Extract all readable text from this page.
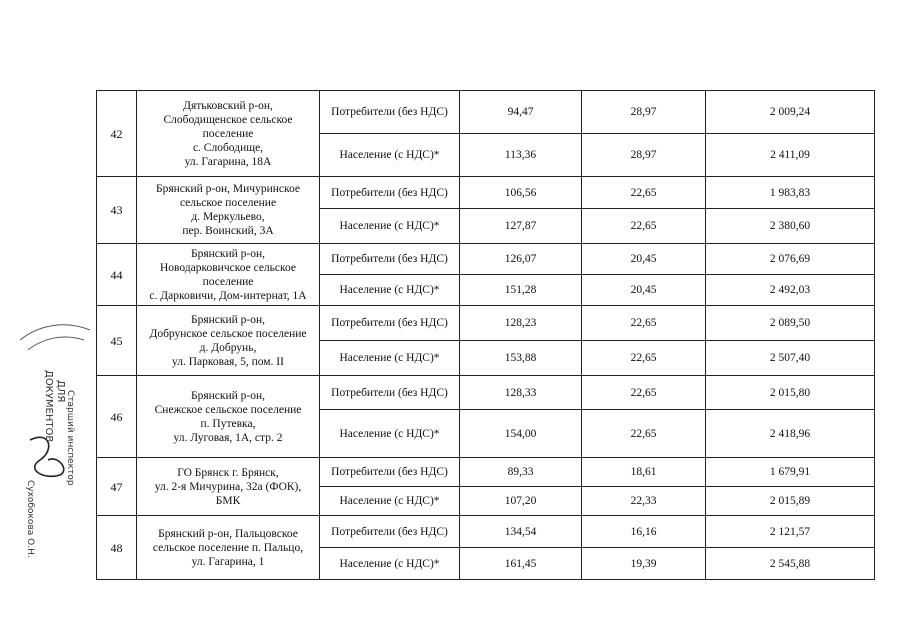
42	Дятьковский р-он,
Слободищенское сельское
поселение
с. Слободище,
ул. Гагарина, 18А	Потребители (без НДС)	94,47	28,97	2 009,24
		Население (с НДС)*	113,36	28,97	2 411,09
43	Брянский р-он, Мичуринское
сельское поселение
д. Меркульево,
пер. Воинский, 3А	Потребители (без НДС)	106,56	22,65	1 983,83
		Население (с НДС)*	127,87	22,65	2 380,60
44	Брянский р-он,
Новодарковичское сельское
поселение
с. Дарковичи, Дом-интернат, 1А	Потребители (без НДС)	126,07	20,45	2 076,69
		Население (с НДС)*	151,28	20,45	2 492,03
45	Брянский р-он,
Добрунское сельское поселение
д. Добрунь,
ул. Парковая, 5, пом. II	Потребители (без НДС)	128,23	22,65	2 089,50
		Население (с НДС)*	153,88	22,65	2 507,40
46	Брянский р-он,
Снежское сельское поселение
п. Путевка,
ул. Луговая, 1А, стр. 2	Потребители (без НДС)	128,33	22,65	2 015,80
		Население (с НДС)*	154,00	22,65	2 418,96
47	ГО Брянск г. Брянск,
ул. 2-я Мичурина, 32а (ФОК),
БМК	Потребители (без НДС)	89,33	18,61	1 679,91
		Население (с НДС)*	107,20	22,33	2 015,89
48	Брянский р-он, Пальцовское
сельское поселение п. Пальцо,
ул. Гагарина, 1	Потребители (без НДС)	134,54	16,16	2 121,57
		Население (с НДС)*	161,45	19,39	2 545,88
ДЛЯ
ДОКУМЕНТОВ Старший инспектор
Сухобокова О.Н.
